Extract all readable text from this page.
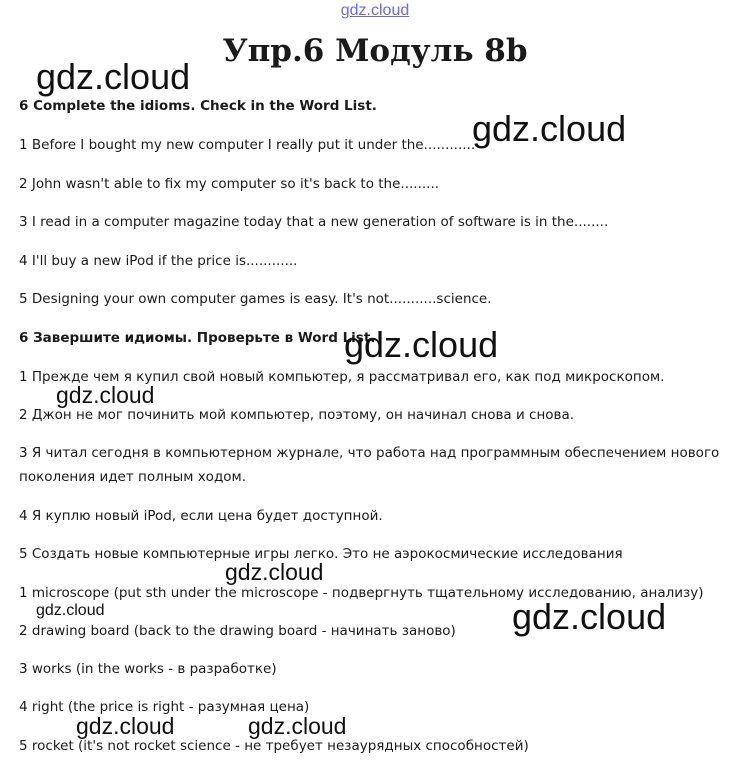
gdz.cloud
Упр.6 Модуль 8b
6 Complete the idioms. Check in the Word List.
1 Before I bought my new computer I really put it under the............
2 John wasn't able to fix my computer so it's back to the.........
3 I read in a computer magazine today that a new generation of software is in the........
4 I'll buy a new iPod if the price is............
5 Designing your own computer games is easy. It's not...........science.
6 Завершите идиомы. Проверьте в Word List.
1 Прежде чем я купил свой новый компьютер, я рассматривал его, как под микроскопом.
2 Джон не мог починить мой компьютер, поэтому, он начинал снова и снова.
3 Я читал сегодня в компьютерном журнале, что работа над программным обеспечением нового
поколения идет полным ходом.
4 Я куплю новый iPod, если цена будет доступной.
5 Создать новые компьютерные игры легко. Это не аэрокосмические исследования
1 microscope (put sth under the microscope - подвергнуть тщательному исследованию, анализу)
2 drawing board (back to the drawing board - начинать заново)
3 works (in the works - в разработке)
4 right (the price is right - разумная цена)
5 rocket (it's not rocket science - не требует незаурядных способностей)
gdz.cloud
gdz.cloud
gdz.cloud
gdz.cloud
gdz.cloud
gdz.cloud	gdz.cloud
gdz.cloud	gdz.cloud
